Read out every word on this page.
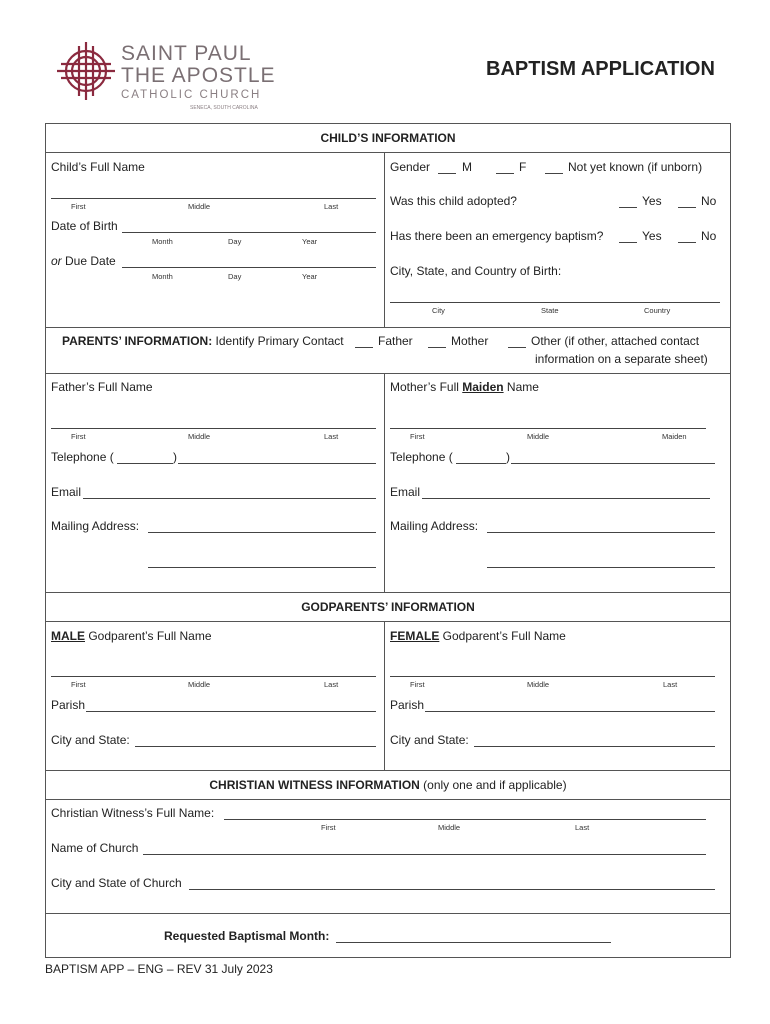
SAINT PAUL
THE APOSTLE
CATHOLIC CHURCH
SENECA, SOUTH CAROLINA
BAPTISM APPLICATION
CHILD’S INFORMATION
Child’s Full Name
First	Middle	Last
Date of Birth
Month	Day	Year
or Due Date
Month	Day	Year
Gender	M	F	Not yet known (if unborn)
Was this child adopted?	Yes	No
Has there been an emergency baptism?	Yes	No
City, State, and Country of Birth:
City	State	Country
PARENTS’ INFORMATION: Identify Primary Contact	Father	Mother	Other (if other, attached contact
information on a separate sheet)
Father’s Full Name
First	Middle	Last
Mother’s Full Maiden Name
First	Middle	Maiden
Telephone (	)	Telephone (	)
Email	Email
Mailing Address:	Mailing Address:
GODPARENTS’ INFORMATION
MALE Godparent’s Full Name
First	Middle	Last
FEMALE Godparent’s Full Name
First	Middle	Last
Parish	Parish
City and State:	City and State:
CHRISTIAN WITNESS INFORMATION (only one and if applicable)
Christian Witness’s Full Name:
First	Middle	Last
Name of Church
City and State of Church
Requested Baptismal Month:
BAPTISM APP – ENG – REV 31 July 2023
